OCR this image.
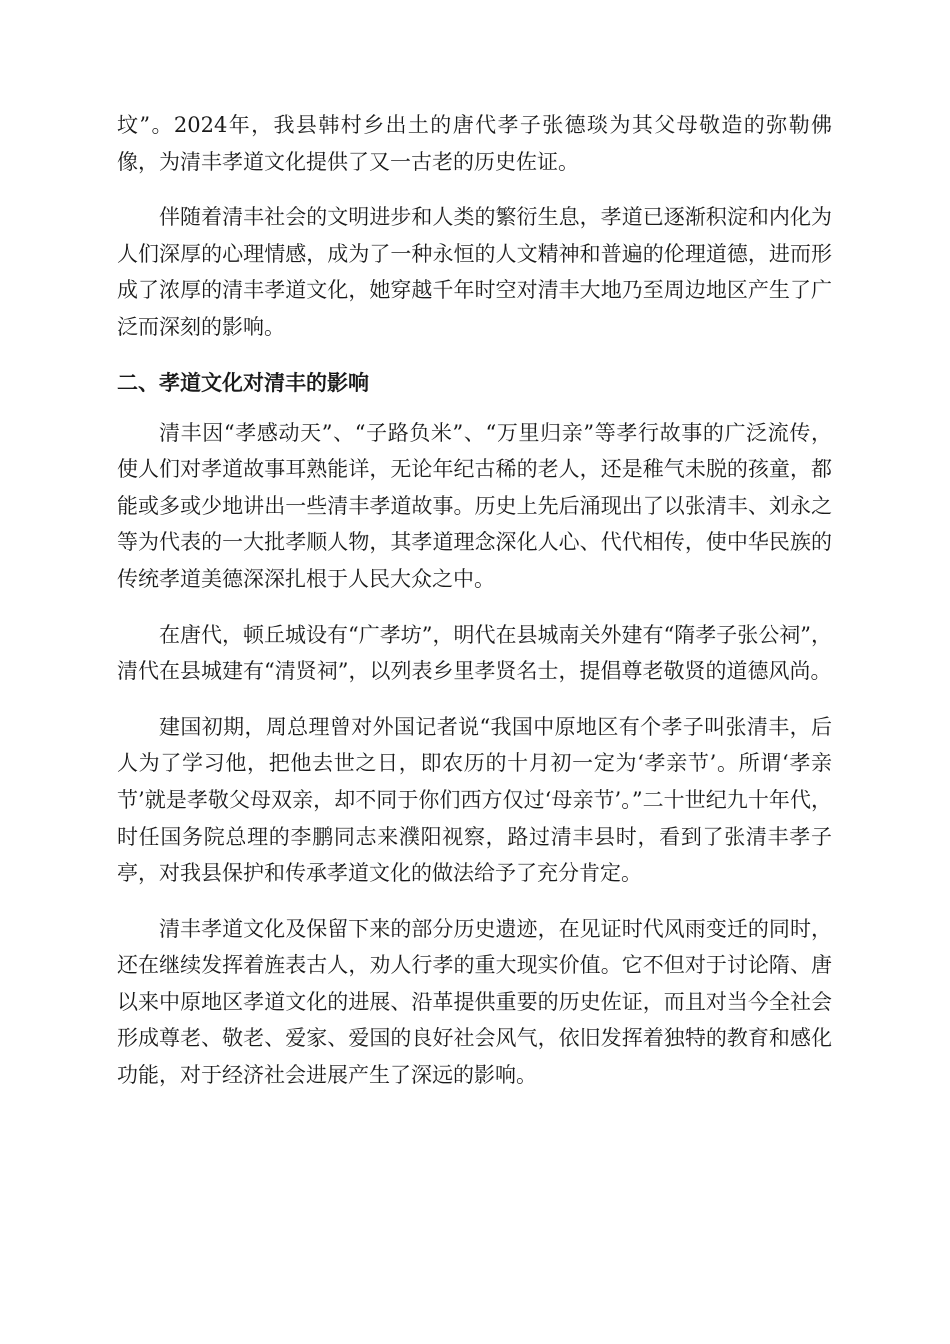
坟”。2024年，我县韩村乡出土的唐代孝子张德琰为其父母敬造的弥勒佛像，为清丰孝道文化提供了又一古老的历史佐证。

伴随着清丰社会的文明进步和人类的繁衍生息，孝道已逐渐积淀和内化为人们深厚的心理情感，成为了一种永恒的人文精神和普遍的伦理道德，进而形成了浓厚的清丰孝道文化，她穿越千年时空对清丰大地乃至周边地区产生了广泛而深刻的影响。

二、孝道文化对清丰的影响

清丰因“孝感动天”、“子路负米”、“万里归亲”等孝行故事的广泛流传，使人们对孝道故事耳熟能详，无论年纪古稀的老人，还是稚气未脱的孩童，都能或多或少地讲出一些清丰孝道故事。历史上先后涌现出了以张清丰、刘永之等为代表的一大批孝顺人物，其孝道理念深化人心、代代相传，使中华民族的传统孝道美德深深扎根于人民大众之中。

在唐代，顿丘城设有“广孝坊”，明代在县城南关外建有“隋孝子张公祠”，清代在县城建有“清贤祠”，以列表乡里孝贤名士，提倡尊老敬贤的道德风尚。

建国初期，周总理曾对外国记者说“我国中原地区有个孝子叫张清丰，后人为了学习他，把他去世之日，即农历的十月初一定为‘孝亲节’。所谓‘孝亲节’就是孝敬父母双亲，却不同于你们西方仅过‘母亲节’。”二十世纪九十年代，时任国务院总理的李鹏同志来濮阳视察，路过清丰县时，看到了张清丰孝子亭，对我县保护和传承孝道文化的做法给予了充分肯定。

清丰孝道文化及保留下来的部分历史遗迹，在见证时代风雨变迁的同时，还在继续发挥着旌表古人，劝人行孝的重大现实价值。它不但对于讨论隋、唐以来中原地区孝道文化的进展、沿革提供重要的历史佐证，而且对当今全社会形成尊老、敬老、爱家、爱国的良好社会风气，依旧发挥着独特的教育和感化功能，对于经济社会进展产生了深远的影响。
